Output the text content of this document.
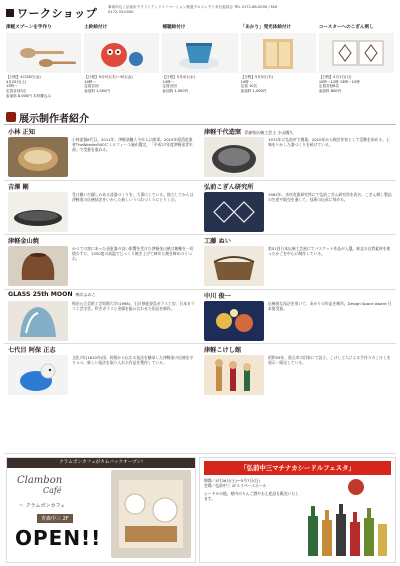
ワークショップ	事前申込 / 弘前市クラフトアンドリノベーション推進プロジェクト実行委員会 TEL 0172-88-0000 / FAX 0172-33-0000
津軽スプーンを手作り
【日程】4月28日(金)
4月29日(土)
13時〜
定員各回5名
参加料 8,000円 木材費込み
土鈴絵付け
【日程】5月5日(木)〜6日(金)
14時〜
定員各回
参加料 1,000円
補聴絵付け
【日程】5月4日(水)
14時〜
定員各回
参加料 1,500円
「あかり」発光体絵付け
【日程】5月5日(木)
14時〜
定員 10名
参加料 1,000円
コースターへのこぎん刺し
【日程】5月1日(日)
10時〜12時 13時〜15時
定員各回8名
参加料 800円
展示制作者紹介
小林 正知
小林漆器6代目。2011年、津軽塗職人今年入に師事。2015年経済産業省TheWonder500にミルフィーユ碗が選定。「平成27年度津軽塗青年部」で受賞を重ねる。
吉澤 剛
受け継いだ親しみある漆器づくりを、大事にしている。独立してからは津軽塗の伝統技法をいかした新しいうつわづくりにとりくむ。
津軽金山焼
かつての窯にあった須恵器の良い影響を受けた津軽金山焼は無釉を一切使わずに、1350度の高温でじっくり焼き上げて締めた焼き締めのうつわ。
GLASS 25th MOON 鳴川ふみこ
秋田公立美術工芸短期大学(1998)、石川県能登島ガラス工房、日本ガラス工芸学会。吹きガラスと金属を組み合わせた作品を制作。
七代目 阿保 正志
文化7年(1810年)頃、阿保から伝わる技法を継承した津軽塗の伝統を守りつつ、新しい技法を取り入れた作品を製作している。
津軽千代造窯 青森県伝統工芸士 小山陽久
1972年に弘前市で創業。2010年から陶芸作家として活動を始める。土味をいかした器づくりを続けている。
弘前こぎん研究所
1962年、木村産業研究所にて弘前こぎん研究所を改名、こぎん刺し製品の生産や販売を通して、技術の伝承に努める。
工藤 ぬい
第51回日本伝統工芸展にてバスケット作品が入選。東北の自然素材を使ったかごを中心に制作している。
中川 俊一
伝統的な技法を用いて、あかりの作品を制作。Design Space Award 日本賞受賞。
津軽こけし館
昭和55年、黒石市の旧家にて設立。こけし工人による手作りのこけしを展示・販売している。
クラムボンカフェがカムバックオープン!
Clambon
Café
〜 クラムボンカフェ
青森中三 2F
OPEN!!
「弘前中三マチナカシードルフェスタ」
期間／4月26日(土)〜5月7日(日)
会場／弘前中三 1Fエスペースホール
シードルの他、県内のりんご酒やお土産品も販売いたします。
